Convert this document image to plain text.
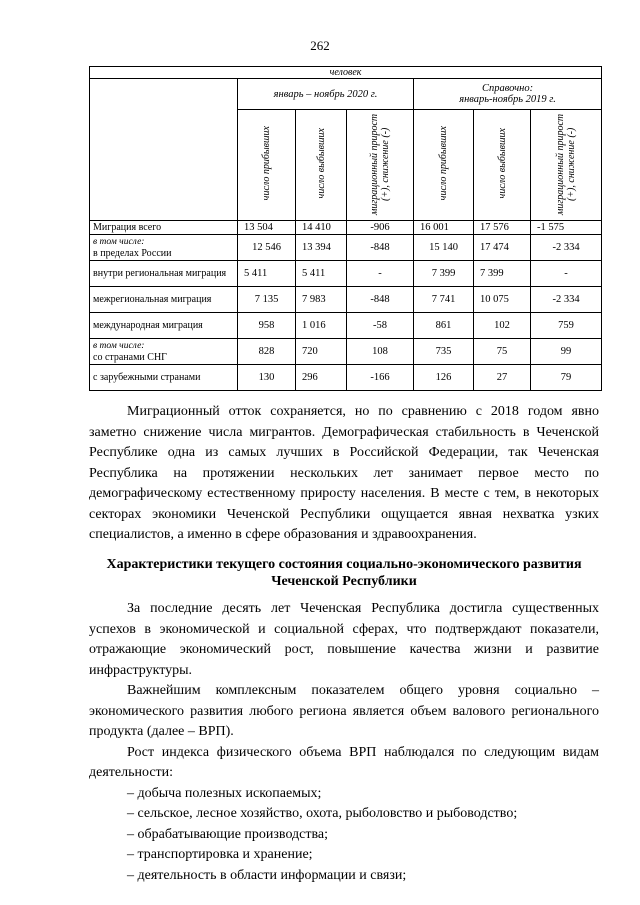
262
человек						
	январь – ноябрь 2020 г.			Справочно:
январь-ноябрь 2019 г.		
	число прибывших	число выбывших	миграционный прирост (+), снижение (-)	число прибывших	число выбывших	миграционный прирост (+), снижение (-)
Миграция всего	13 504	14 410	-906	16 001	17 576	-1 575

в том числе:
в пределах России	12 546	13 394	-848	15 140	17 474	-2 334
внутри региональная миграция	5 411	5 411	-	7 399	7 399	-
межрегиональная миграция	7 135	7 983	-848	7 741	10 075	-2 334
международная миграция	958	1 016	-58	861	102	759

в том числе:
со странами СНГ	828	720	108	735	75	99
с зарубежными странами	130	296	-166	126	27	79

Миграционный отток сохраняется, но по сравнению с 2018 годом явно заметно снижение числа мигрантов. Демографическая стабильность в Чеченской Республике одна из самых лучших в Российской Федерации, так Чеченская Республика на протяжении нескольких лет занимает первое место по демографическому естественному приросту населения. В месте с тем, в некоторых секторах экономики Чеченской Республики ощущается явная нехватка узких специалистов, а именно в сфере образования и здравоохранения.

Характеристики текущего состояния социально-экономического развития Чеченской Республики

За последние десять лет Чеченская Республика достигла существенных успехов в экономической и социальной сферах, что подтверждают показатели, отражающие экономический рост, повышение качества жизни и развитие инфраструктуры.

Важнейшим комплексным показателем общего уровня социально – экономического развития любого региона является объем валового регионального продукта (далее – ВРП).

Рост индекса физического объема ВРП наблюдался по следующим видам деятельности:

– добыча полезных ископаемых;
– сельское, лесное хозяйство, охота, рыболовство и рыбоводство;
– обрабатывающие производства;
– транспортировка и хранение;
– деятельность в области информации и связи;
